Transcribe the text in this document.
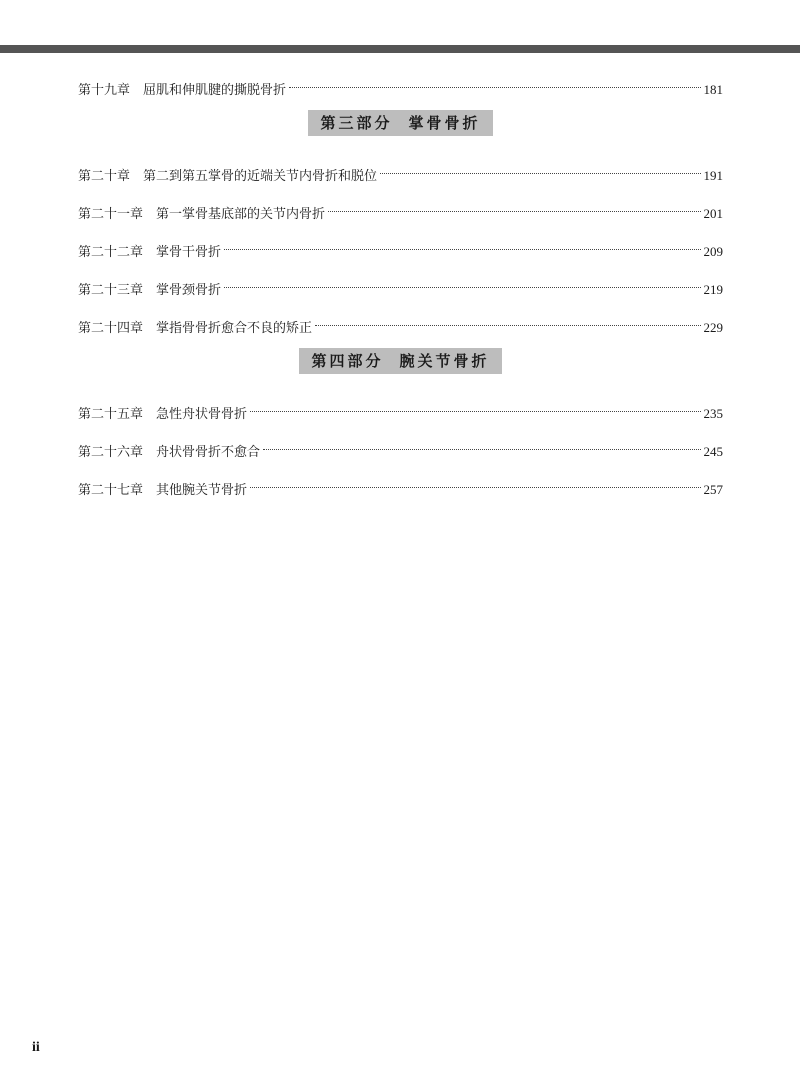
第十九章 屈肌和伸肌腱的撕脱骨折	181
第三部分 掌骨骨折
第二十章 第二到第五掌骨的近端关节内骨折和脱位	191
第二十一章 第一掌骨基底部的关节内骨折	201
第二十二章 掌骨干骨折	209
第二十三章 掌骨颈骨折	219
第二十四章 掌指骨骨折愈合不良的矫正	229
第四部分 腕关节骨折
第二十五章 急性舟状骨骨折	235
第二十六章 舟状骨骨折不愈合	245
第二十七章 其他腕关节骨折	257
ii
